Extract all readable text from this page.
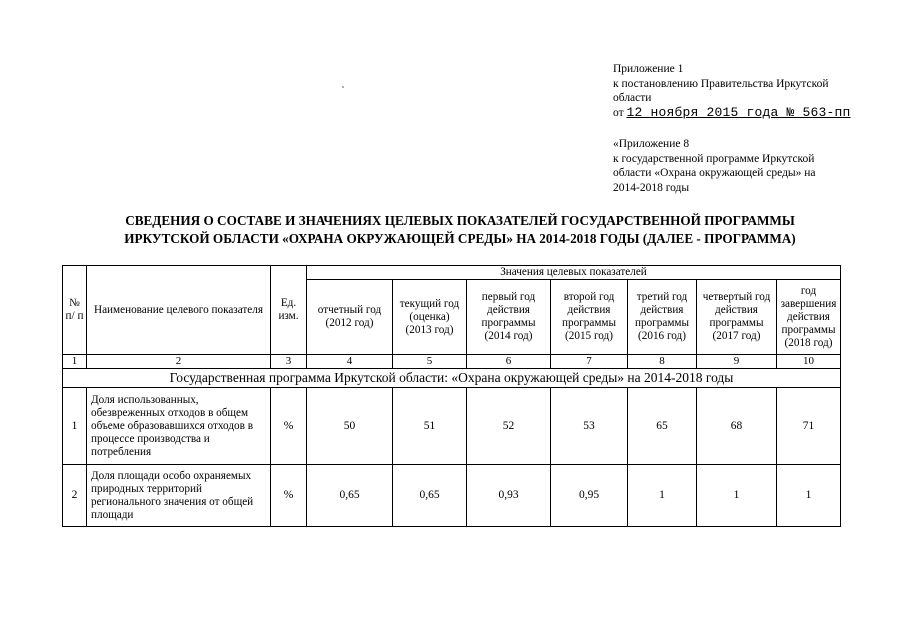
Приложение 1
к постановлению Правительства Иркутской
области
от 12 ноября 2015 года № 563-пп
«Приложение 8
к государственной программе Иркутской
области «Охрана окружающей среды» на
2014-2018 годы
СВЕДЕНИЯ О СОСТАВЕ И ЗНАЧЕНИЯХ ЦЕЛЕВЫХ ПОКАЗАТЕЛЕЙ ГОСУДАРСТВЕННОЙ ПРОГРАММЫ
ИРКУТСКОЙ ОБЛАСТИ «ОХРАНА ОКРУЖАЮЩЕЙ СРЕДЫ» НА 2014-2018 ГОДЫ (ДАЛЕЕ - ПРОГРАММА)
№ п/ п	Наименование целевого показателя	Ед. изм.	Значения целевых показателей						
			отчетный год (2012 год)	текущий год (оценка) (2013 год)	первый год действия программы (2014 год)	второй год действия программы (2015 год)	третий год действия программы (2016 год)	четвертый год действия программы (2017 год)	год завершения действия программы (2018 год)
1	2	3	4	5	6	7	8	9	10
Государственная программа Иркутской области: «Охрана окружающей среды» на 2014-2018 годы									
1	Доля использованных, обезвреженных отходов в общем объеме образовавшихся отходов в процессе производства и потребления	%	50	51	52	53	65	68	71
2	Доля площади особо охраняемых природных территорий регионального значения от общей площади	%	0,65	0,65	0,93	0,95	1	1	1
